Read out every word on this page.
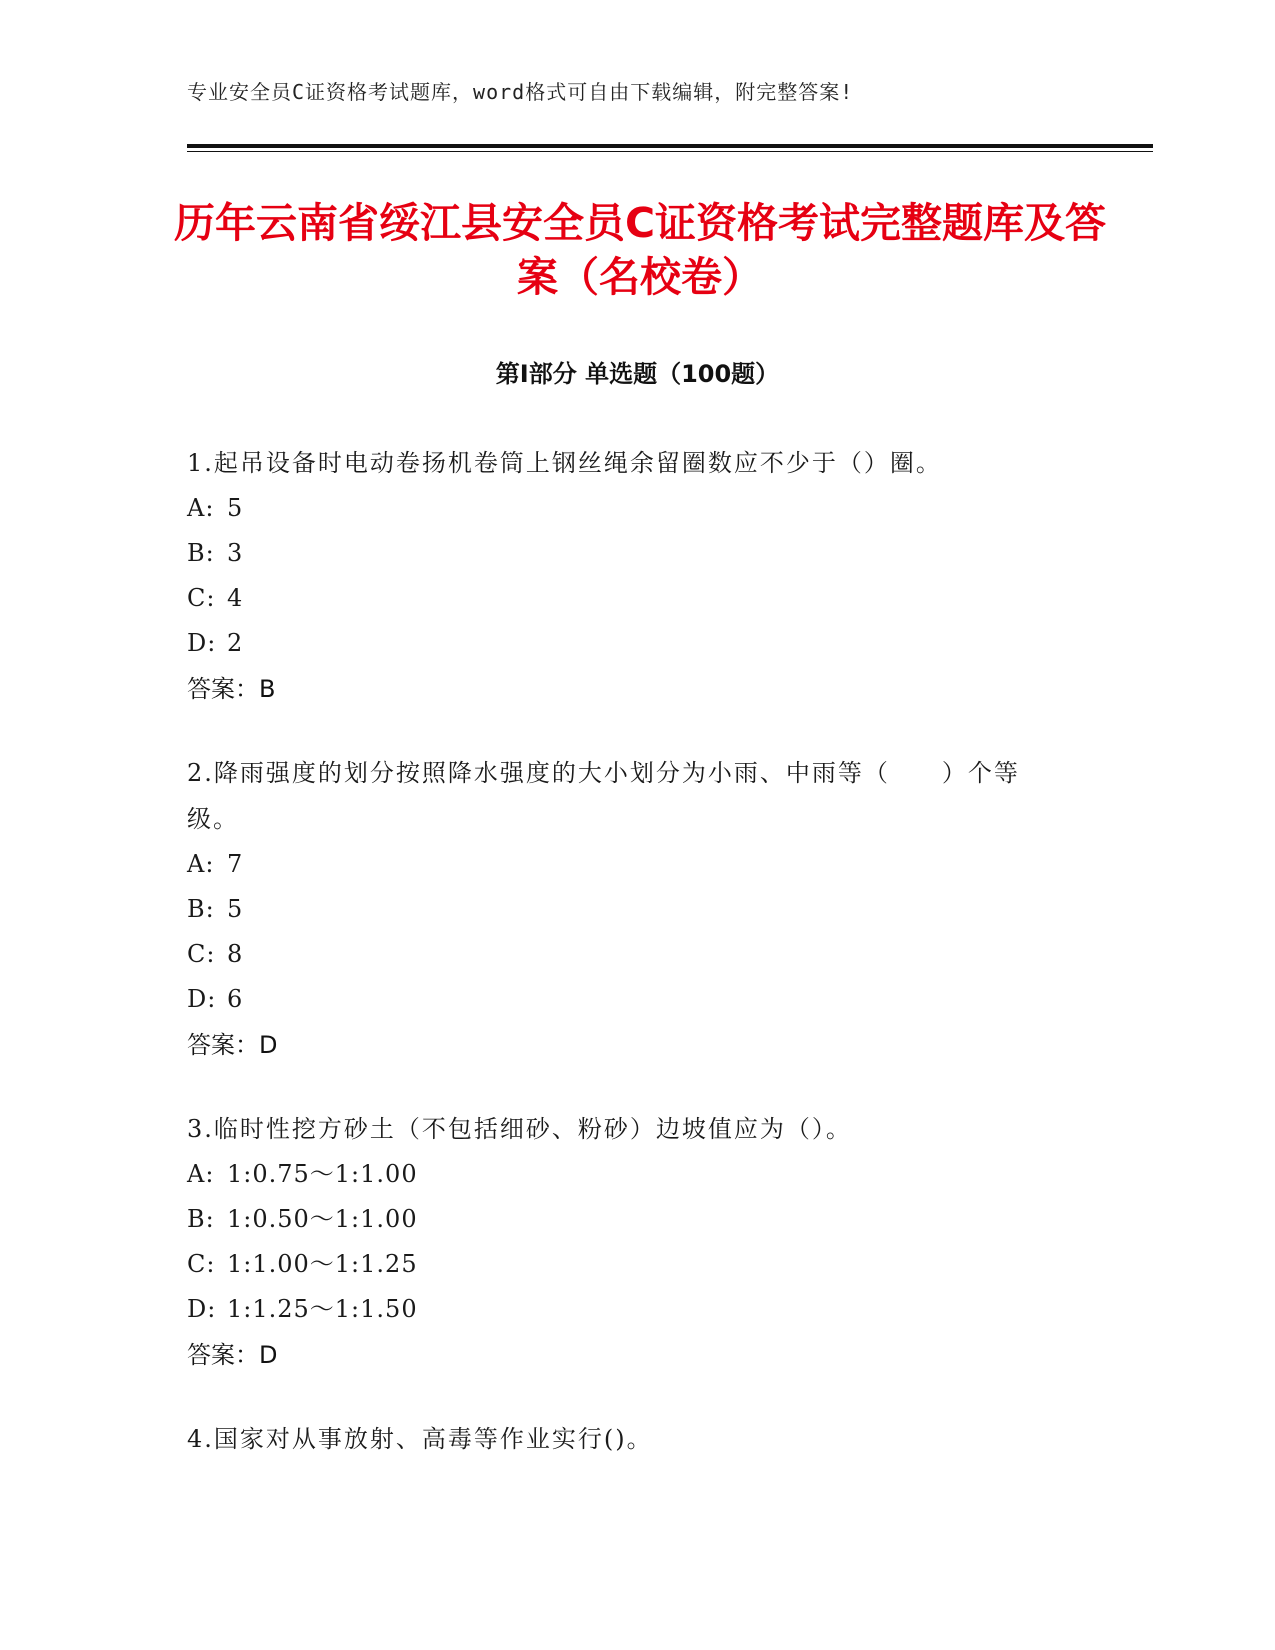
专业安全员C证资格考试题库，word格式可自由下载编辑，附完整答案!
历年云南省绥江县安全员C证资格考试完整题库及答案（名校卷）
第Ⅰ部分 单选题（100题）
1.起吊设备时电动卷扬机卷筒上钢丝绳余留圈数应不少于（）圈。
A: 5
B: 3
C: 4
D: 2
答案：B
2.降雨强度的划分按照降水强度的大小划分为小雨、中雨等（　　）个等级。
A: 7
B: 5
C: 8
D: 6
答案：D
3.临时性挖方砂土（不包括细砂、粉砂）边坡值应为（）。
A: 1:0.75～1:1.00
B: 1:0.50～1:1.00
C: 1:1.00～1:1.25
D: 1:1.25～1:1.50
答案：D
4.国家对从事放射、高毒等作业实行()。
